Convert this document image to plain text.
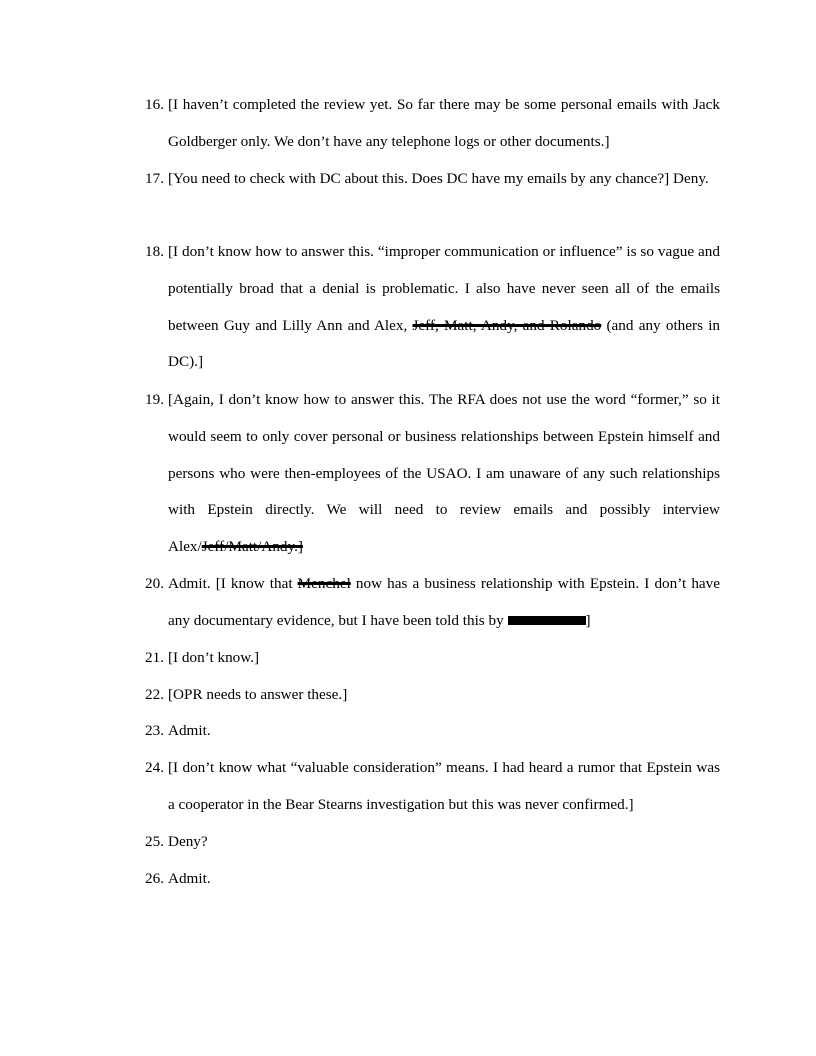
16. [I haven’t completed the review yet. So far there may be some personal emails with Jack Goldberger only. We don’t have any telephone logs or other documents.]
17. [You need to check with DC about this. Does DC have my emails by any chance?] Deny.
18. [I don’t know how to answer this. “improper communication or influence” is so vague and potentially broad that a denial is problematic. I also have never seen all of the emails between Guy and Lilly Ann and Alex, Jeff, Matt, Andy, and Rolando (and any others in DC).]
19. [Again, I don’t know how to answer this. The RFA does not use the word “former,” so it would seem to only cover personal or business relationships between Epstein himself and persons who were then-employees of the USAO. I am unaware of any such relationships with Epstein directly. We will need to review emails and possibly interview Alex/Jeff/Matt/Andy.]
20. Admit. [I know that Menchel now has a business relationship with Epstein. I don’t have any documentary evidence, but I have been told this by	]
21. [I don’t know.]
22. [OPR needs to answer these.]
23. Admit.
24. [I don’t know what “valuable consideration” means. I had heard a rumor that Epstein was a cooperator in the Bear Stearns investigation but this was never confirmed.]
25. Deny?
26. Admit.
